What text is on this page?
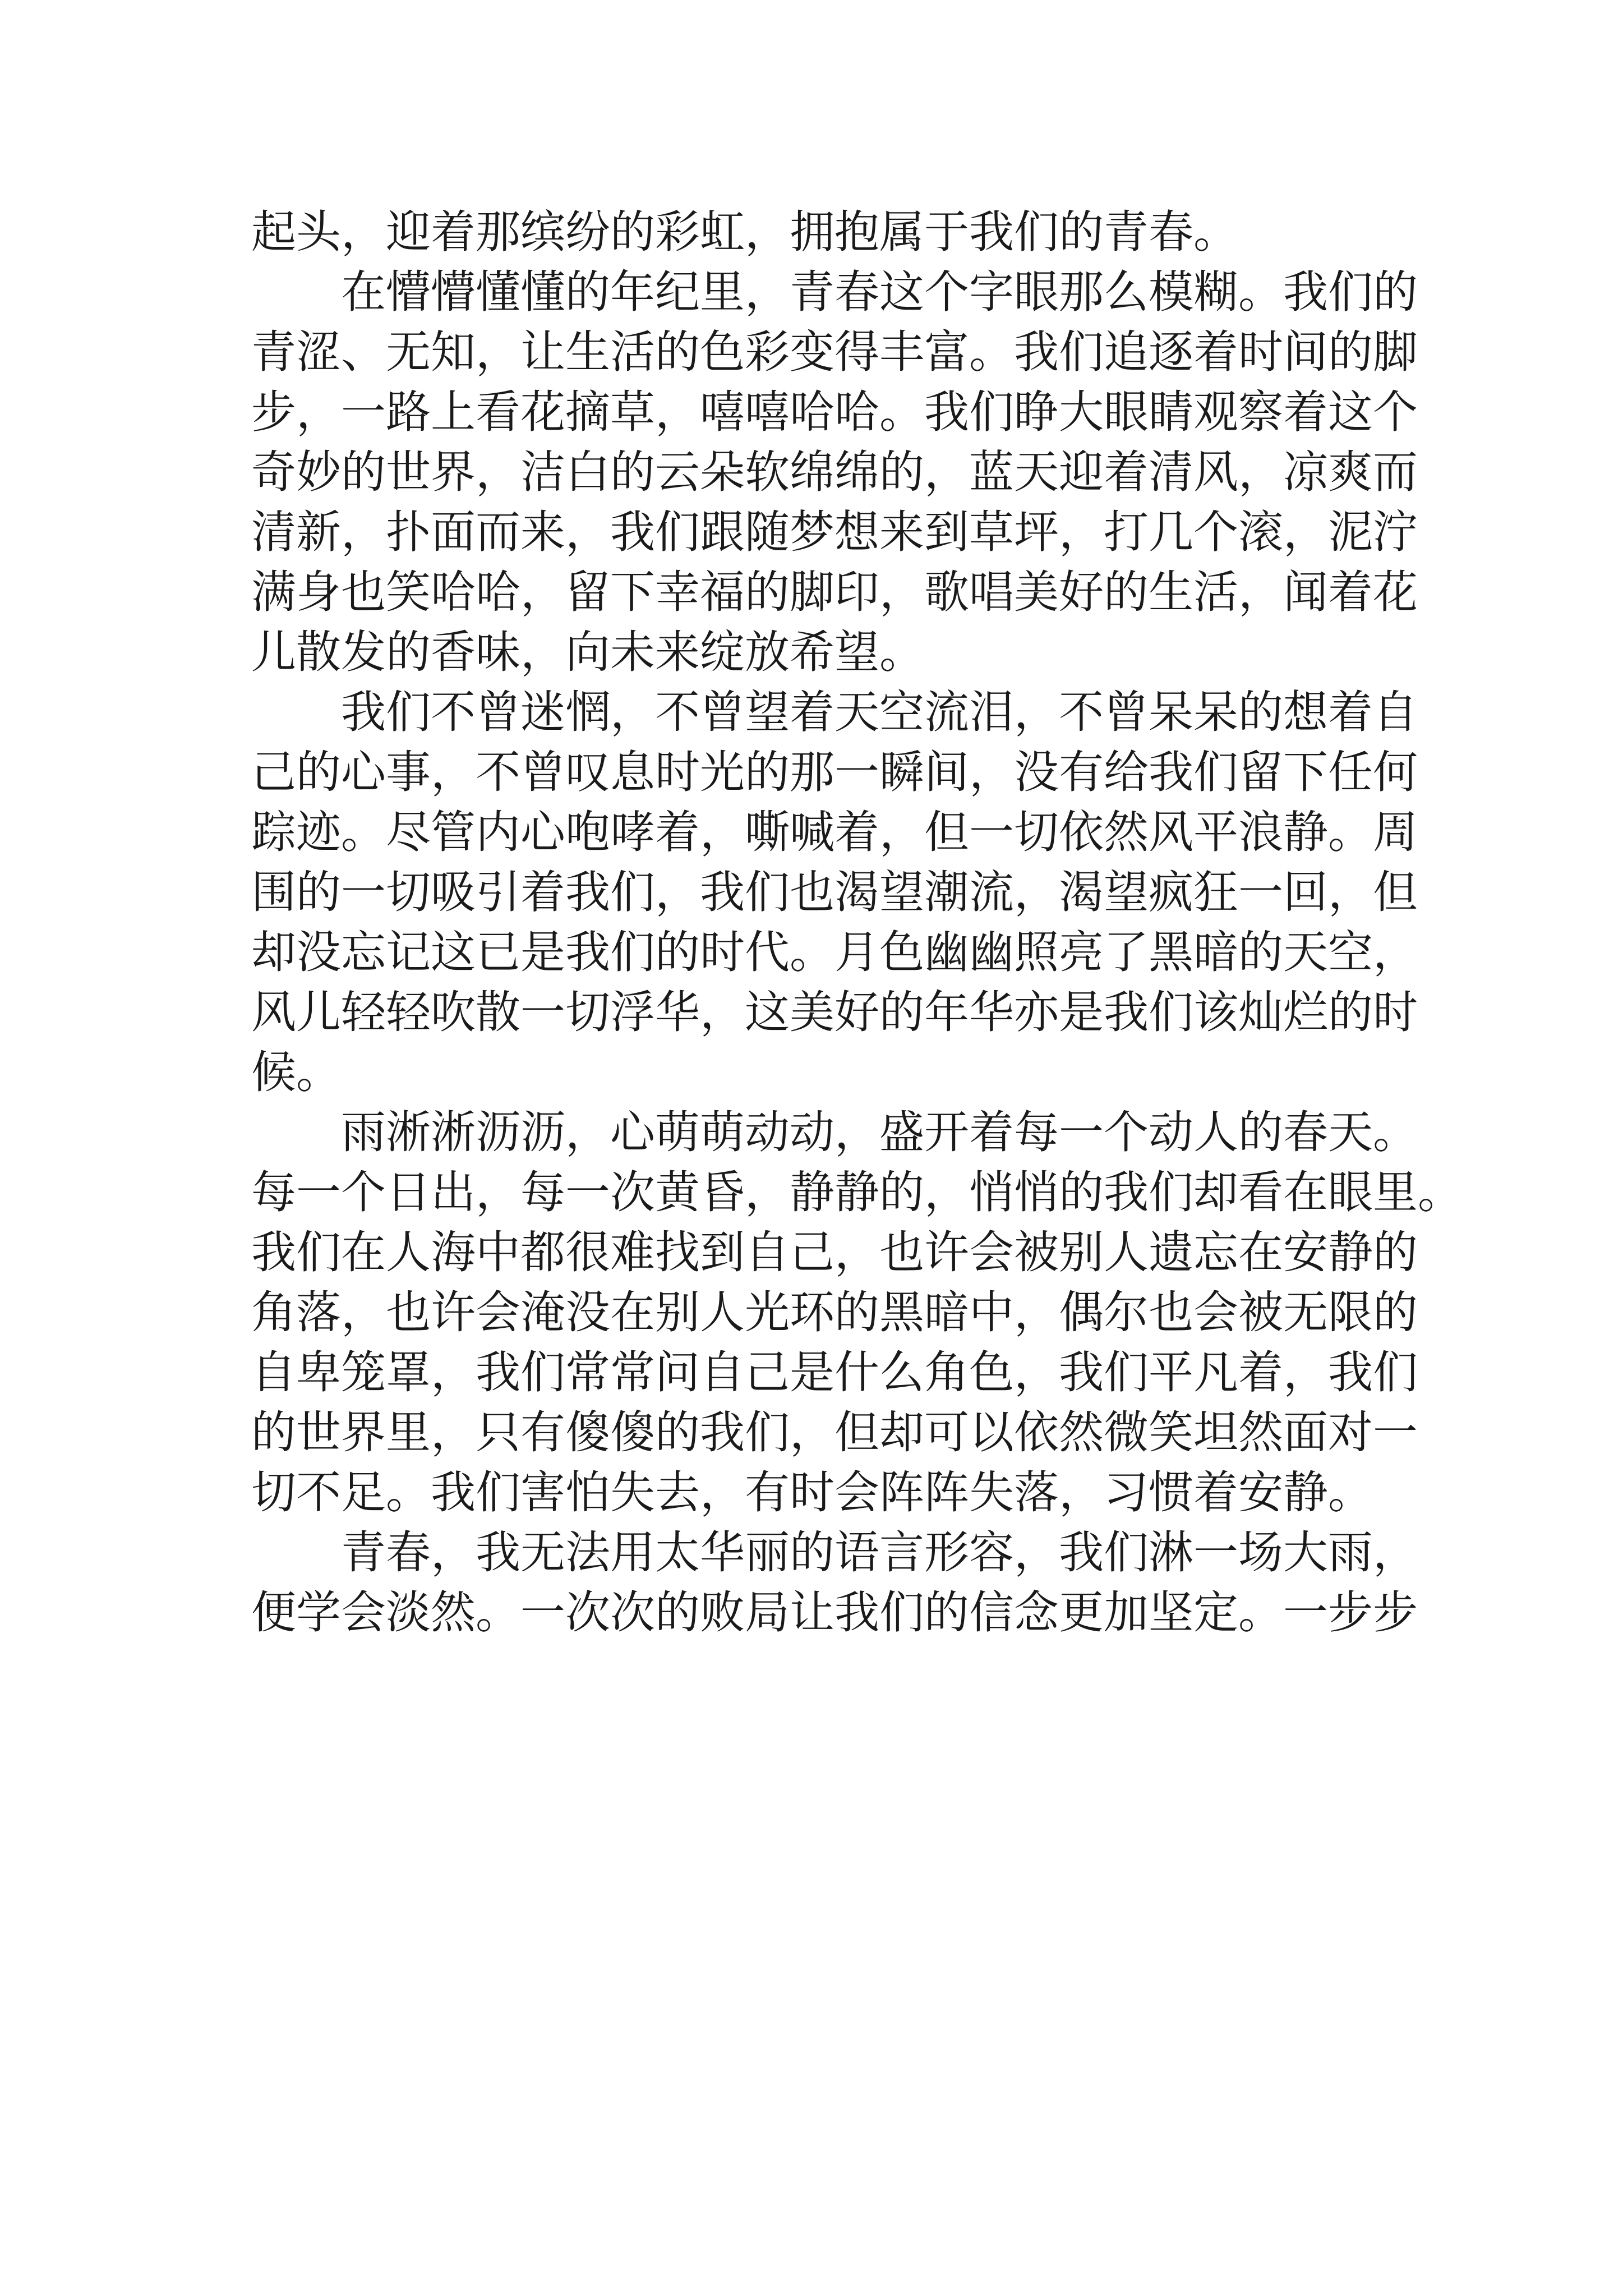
起头，迎着那缤纷的彩虹，拥抱属于我们的青春。
在懵懵懂懂的年纪里，青春这个字眼那么模糊。我们的
青涩、无知，让生活的色彩变得丰富。我们追逐着时间的脚
步，一路上看花摘草，嘻嘻哈哈。我们睁大眼睛观察着这个
奇妙的世界，洁白的云朵软绵绵的，蓝天迎着清风，凉爽而
清新，扑面而来，我们跟随梦想来到草坪，打几个滚，泥泞
满身也笑哈哈，留下幸福的脚印，歌唱美好的生活，闻着花
儿散发的香味，向未来绽放希望。
我们不曾迷惘，不曾望着天空流泪，不曾呆呆的想着自
己的心事，不曾叹息时光的那一瞬间，没有给我们留下任何
踪迹。尽管内心咆哮着，嘶喊着，但一切依然风平浪静。周
围的一切吸引着我们，我们也渴望潮流，渴望疯狂一回，但
却没忘记这已是我们的时代。月色幽幽照亮了黑暗的天空，
风儿轻轻吹散一切浮华，这美好的年华亦是我们该灿烂的时
候。
雨淅淅沥沥，心萌萌动动，盛开着每一个动人的春天。
每一个日出，每一次黄昏，静静的，悄悄的我们却看在眼里。
我们在人海中都很难找到自己，也许会被别人遗忘在安静的
角落，也许会淹没在别人光环的黑暗中，偶尔也会被无限的
自卑笼罩，我们常常问自己是什么角色，我们平凡着，我们
的世界里，只有傻傻的我们，但却可以依然微笑坦然面对一
切不足。我们害怕失去，有时会阵阵失落，习惯着安静。
青春，我无法用太华丽的语言形容，我们淋一场大雨，
便学会淡然。一次次的败局让我们的信念更加坚定。一步步
